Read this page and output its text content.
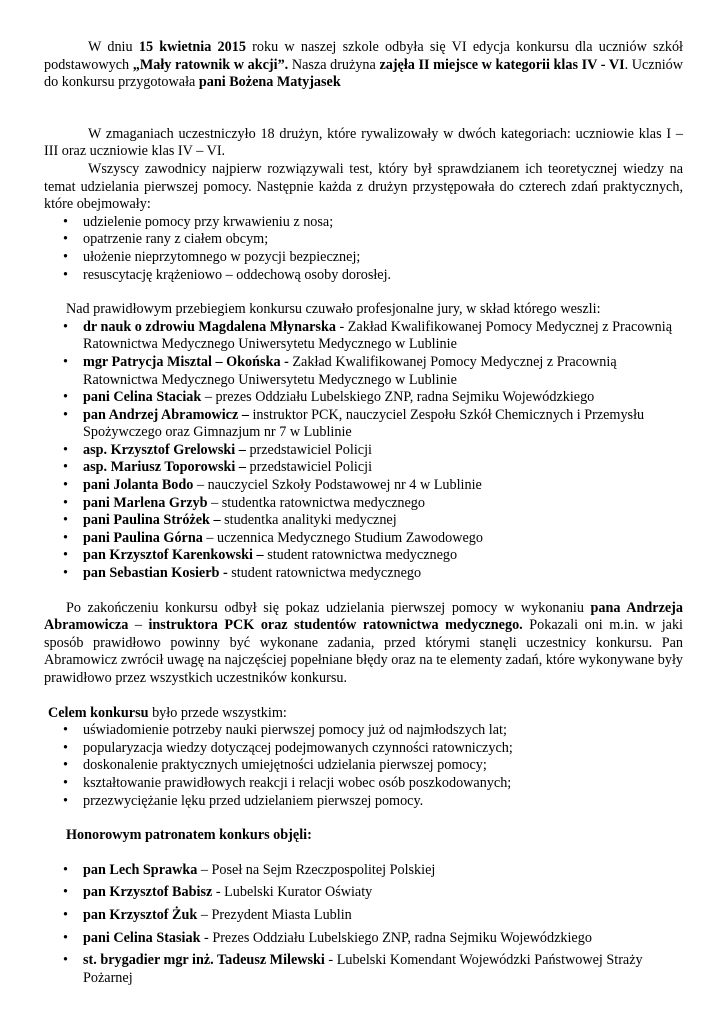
W dniu 15 kwietnia 2015 roku w naszej szkole odbyła się VI edycja konkursu dla uczniów szkół podstawowych „Mały ratownik w akcji”. Nasza drużyna zajęła II miejsce w kategorii klas IV - VI. Uczniów do konkursu przygotowała pani Bożena Matyjasek

W zmaganiach uczestniczyło 18 drużyn, które rywalizowały w dwóch kategoriach: uczniowie klas I – III oraz uczniowie klas IV – VI.

Wszyscy zawodnicy najpierw rozwiązywali test, który był sprawdzianem ich teoretycznej wiedzy na temat udzielania pierwszej pomocy. Następnie każda z drużyn przystępowała do czterech zdań praktycznych, które obejmowały:

• udzielenie pomocy przy krwawieniu z nosa;
• opatrzenie rany z ciałem obcym;
• ułożenie nieprzytomnego w pozycji bezpiecznej;
• resuscytację krążeniowo – oddechową osoby dorosłej.

Nad prawidłowym przebiegiem konkursu czuwało profesjonalne jury, w skład którego weszli:

• dr nauk o zdrowiu Magdalena Młynarska - Zakład Kwalifikowanej Pomocy Medycznej z Pracownią Ratownictwa Medycznego Uniwersytetu Medycznego w Lublinie
• mgr Patrycja Misztal – Okońska - Zakład Kwalifikowanej Pomocy Medycznej z Pracownią Ratownictwa Medycznego Uniwersytetu Medycznego w Lublinie
• pani Celina Staciak – prezes Oddziału Lubelskiego ZNP, radna Sejmiku Wojewódzkiego
• pan Andrzej Abramowicz – instruktor PCK, nauczyciel Zespołu Szkół Chemicznych i Przemysłu Spożywczego oraz Gimnazjum nr 7 w Lublinie
• asp. Krzysztof Grelowski – przedstawiciel Policji
• asp. Mariusz Toporowski – przedstawiciel Policji
• pani Jolanta Bodo – nauczyciel Szkoły Podstawowej nr 4 w Lublinie
• pani Marlena Grzyb – studentka ratownictwa medycznego
• pani Paulina Stróżek – studentka analityki medycznej
• pani Paulina Górna – uczennica Medycznego Studium Zawodowego
• pan Krzysztof Karenkowski – student ratownictwa medycznego
• pan Sebastian Kosierb - student ratownictwa medycznego

Po zakończeniu konkursu odbył się pokaz udzielania pierwszej pomocy w wykonaniu pana Andrzeja Abramowicza – instruktora PCK oraz studentów ratownictwa medycznego. Pokazali oni m.in. w jaki sposób prawidłowo powinny być wykonane zadania, przed którymi stanęli uczestnicy konkursu. Pan Abramowicz zwrócił uwagę na najczęściej popełniane błędy oraz na te elementy zadań, które wykonywane były prawidłowo przez wszystkich uczestników konkursu.

Celem konkursu było przede wszystkim:

• uświadomienie potrzeby nauki pierwszej pomocy już od najmłodszych lat;
• popularyzacja wiedzy dotyczącej podejmowanych czynności ratowniczych;
• doskonalenie praktycznych umiejętności udzielania pierwszej pomocy;
• kształtowanie prawidłowych reakcji i relacji wobec osób poszkodowanych;
• przezwyciężanie lęku przed udzielaniem pierwszej pomocy.

Honorowym patronatem konkurs objęli:

• pan Lech Sprawka – Poseł na Sejm Rzeczpospolitej Polskiej
• pan Krzysztof Babisz - Lubelski Kurator Oświaty
• pan Krzysztof Żuk – Prezydent Miasta Lublin
• pani Celina Stasiak - Prezes Oddziału Lubelskiego ZNP, radna Sejmiku Wojewódzkiego
• st. brygadier mgr inż. Tadeusz Milewski - Lubelski Komendant Wojewódzki Państwowej Straży Pożarnej
